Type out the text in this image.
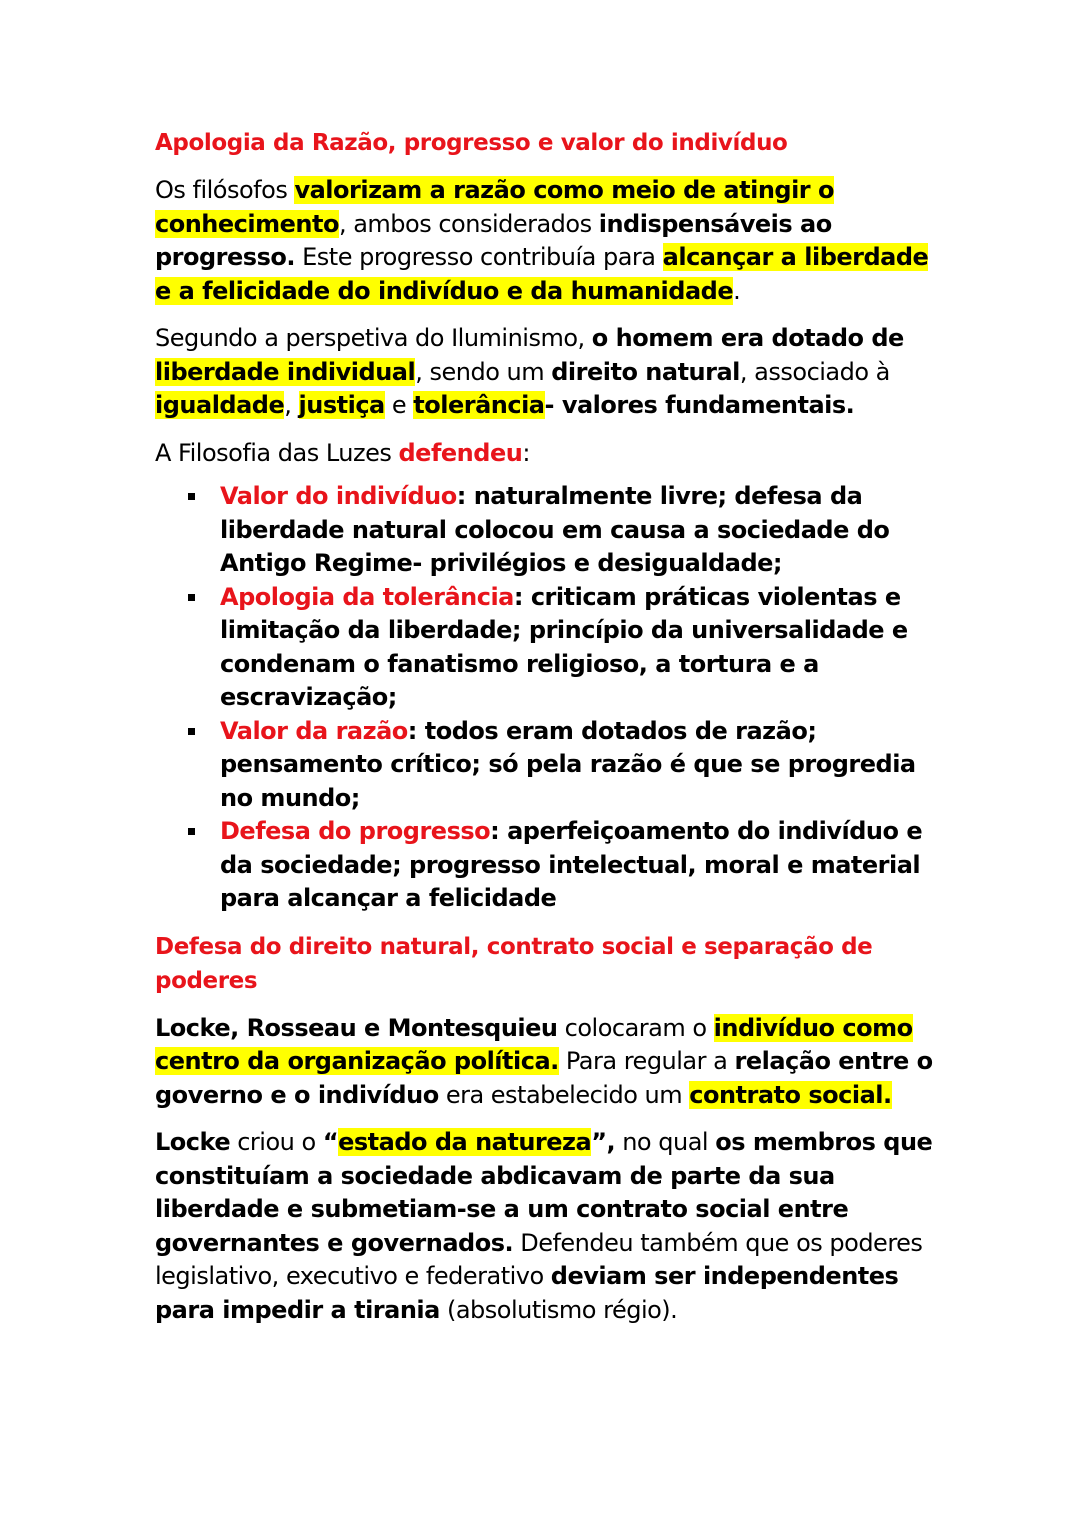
Apologia da Razão, progresso e valor do indivíduo

Os filósofos valorizam a razão como meio de atingir o conhecimento, ambos considerados indispensáveis ao progresso. Este progresso contribuía para alcançar a liberdade e a felicidade do indivíduo e da humanidade.

Segundo a perspetiva do Iluminismo, o homem era dotado de liberdade individual, sendo um direito natural, associado à igualdade, justiça e tolerância- valores fundamentais.

A Filosofia das Luzes defendeu:

Valor do indivíduo: naturalmente livre; defesa da liberdade natural colocou em causa a sociedade do Antigo Regime- privilégios e desigualdade;
Apologia da tolerância: criticam práticas violentas e limitação da liberdade; princípio da universalidade e condenam o fanatismo religioso, a tortura e a escravização;
Valor da razão: todos eram dotados de razão; pensamento crítico; só pela razão é que se progredia no mundo;
Defesa do progresso: aperfeiçoamento do indivíduo e da sociedade; progresso intelectual, moral e material para alcançar a felicidade
Defesa do direito natural, contrato social e separação de poderes

Locke, Rosseau e Montesquieu colocaram o indivíduo como centro da organização política. Para regular a relação entre o governo e o indivíduo era estabelecido um contrato social.

Locke criou o “estado da natureza”, no qual os membros que constituíam a sociedade abdicavam de parte da sua liberdade e submetiam-se a um contrato social entre governantes e governados. Defendeu também que os poderes legislativo, executivo e federativo deviam ser independentes para impedir a tirania (absolutismo régio).
